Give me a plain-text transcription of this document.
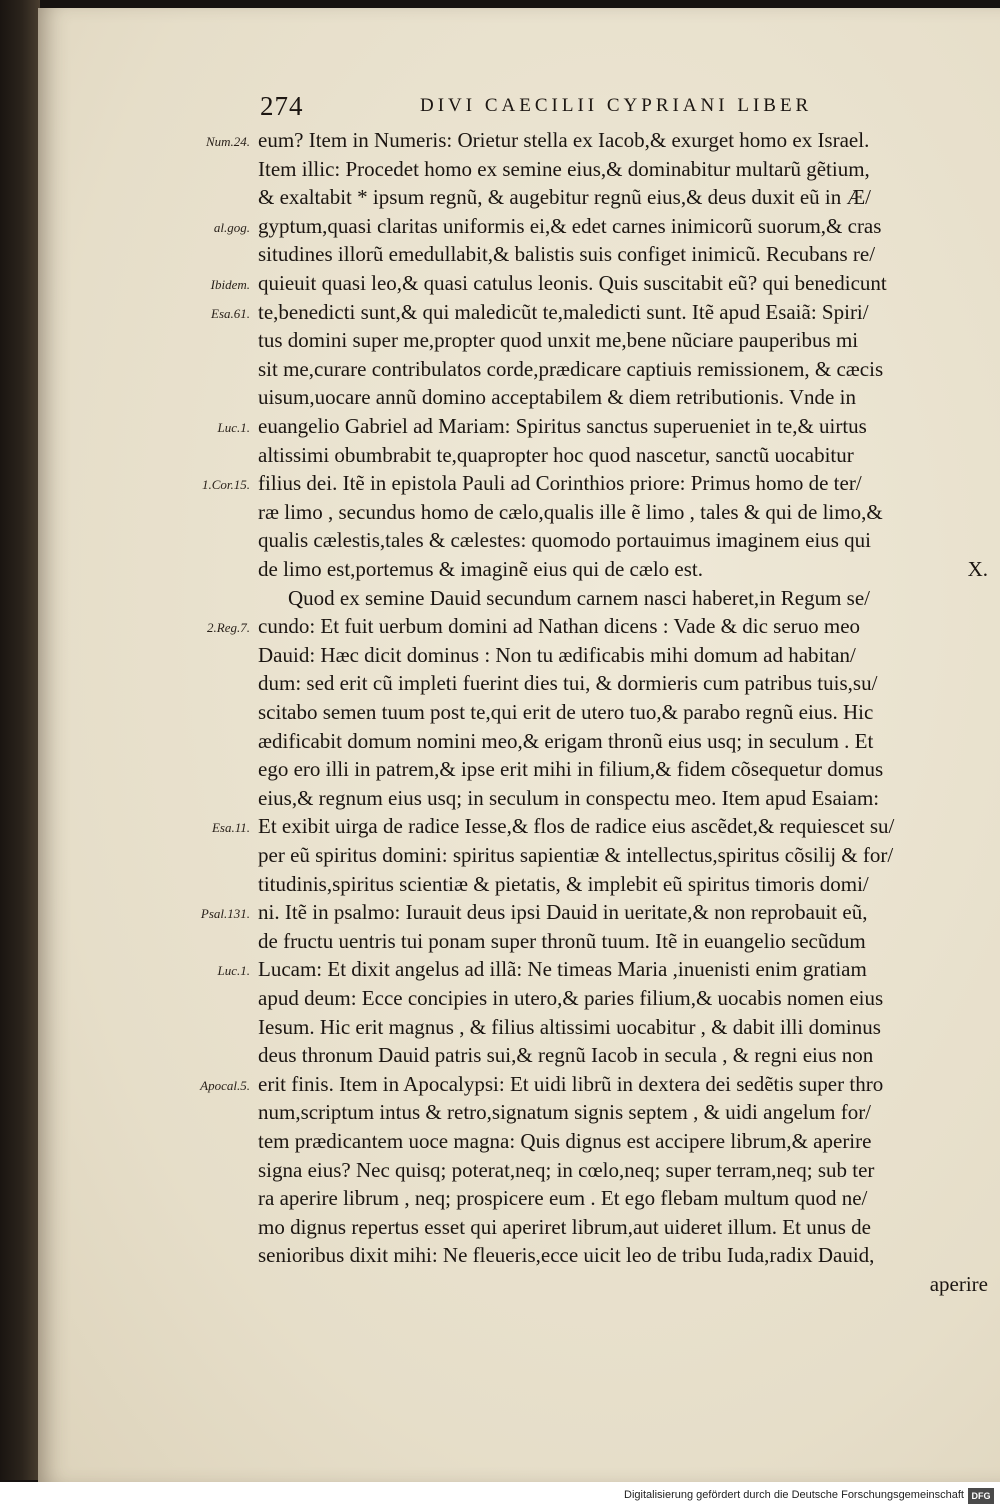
274	DIVI CAECILII CYPRIANI LIBER
Num.24.
al.gog.
Ibidem.
Esa.61.
Luc.1.
1.Cor.15.
2.Reg.7.
Esa.11.
Psal.131.
Luc.1.
Apocal.5.
eum? Item in Numeris: Orietur stella ex Iacob,& exurget homo ex Israel.
Item illic: Procedet homo ex semine eius,& dominabitur multarũ gẽtium,
& exaltabit * ipsum regnũ, & augebitur regnũ eius,& deus duxit eũ in Æ/
gyptum,quasi claritas uniformis ei,& edet carnes inimicorũ suorum,& cras
situdines illorũ emedullabit,& balistis suis configet inimicũ. Recubans re/
quieuit quasi leo,& quasi catulus leonis. Quis suscitabit eũ? qui benedicunt
te,benedicti sunt,& qui maledicũt te,maledicti sunt. Itẽ apud Esaiã: Spiri/
tus domini super me,propter quod unxit me,bene nũciare pauperibus mi
sit me,curare contribulatos corde,prædicare captiuis remissionem, & cæcis
uisum,uocare annũ domino acceptabilem & diem retributionis. Vnde in
euangelio Gabriel ad Mariam: Spiritus sanctus superueniet in te,& uirtus
altissimi obumbrabit te,quapropter hoc quod nascetur, sanctũ uocabitur
filius dei. Itẽ in epistola Pauli ad Corinthios priore: Primus homo de ter/
ræ limo , secundus homo de cælo,qualis ille ẽ limo , tales & qui de limo,&
qualis cælestis,tales & cælestes: quomodo portauimus imaginem eius qui
de limo est,portemus & imaginẽ eius qui de cælo est.
Quod ex semine Dauid secundum carnem nasci haberet,in Regum se/
cundo: Et fuit uerbum domini ad Nathan dicens : Vade & dic seruo meo
Dauid: Hæc dicit dominus : Non tu ædificabis mihi domum ad habitan/
dum: sed erit cũ impleti fuerint dies tui, & dormieris cum patribus tuis,su/
scitabo semen tuum post te,qui erit de utero tuo,& parabo regnũ eius. Hic
ædificabit domum nomini meo,& erigam thronũ eius usq; in seculum . Et
ego ero illi in patrem,& ipse erit mihi in filium,& fidem cõsequetur domus
eius,& regnum eius usq; in seculum in conspectu meo. Item apud Esaiam:
Et exibit uirga de radice Iesse,& flos de radice eius ascẽdet,& requiescet su/
per eũ spiritus domini: spiritus sapientiæ & intellectus,spiritus cõsilij & for/
titudinis,spiritus scientiæ & pietatis, & implebit eũ spiritus timoris domi/
ni. Itẽ in psalmo: Iurauit deus ipsi Dauid in ueritate,& non reprobauit eũ,
de fructu uentris tui ponam super thronũ tuum. Itẽ in euangelio secũdum
Lucam: Et dixit angelus ad illã: Ne timeas Maria ,inuenisti enim gratiam
apud deum: Ecce concipies in utero,& paries filium,& uocabis nomen eius
Iesum. Hic erit magnus , & filius altissimi uocabitur , & dabit illi dominus
deus thronum Dauid patris sui,& regnũ Iacob in secula , & regni eius non
erit finis. Item in Apocalypsi: Et uidi librũ in dextera dei sedẽtis super thro
num,scriptum intus & retro,signatum signis septem , & uidi angelum for/
tem prædicantem uoce magna: Quis dignus est accipere librum,& aperire
signa eius? Nec quisq; poterat,neq; in cœlo,neq; super terram,neq; sub ter
ra aperire librum , neq; prospicere eum . Et ego flebam multum quod ne/
mo dignus repertus esset qui aperiret librum,aut uideret illum. Et unus de
senioribus dixit mihi: Ne fleueris,ecce uicit leo de tribu Iuda,radix Dauid,
X.
aperire
Digitalisierung gefördert durch die Deutsche Forschungsgemeinschaft DFG
